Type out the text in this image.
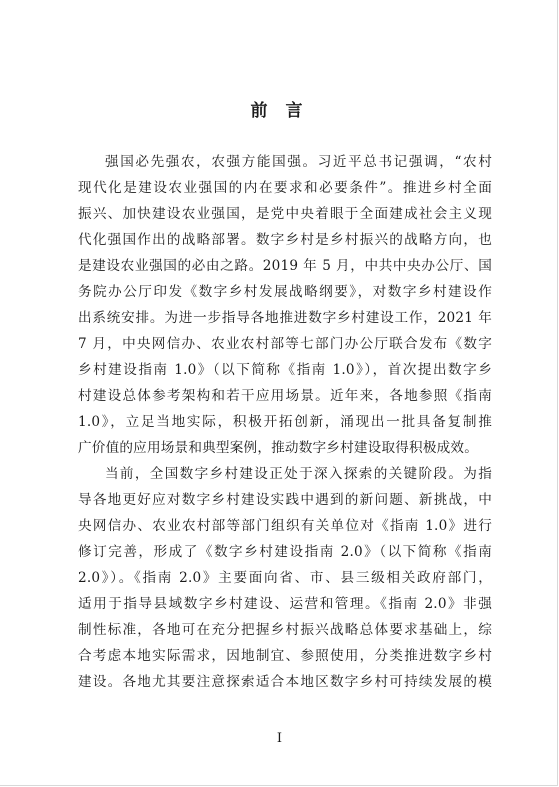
前 言

强国必先强农，农强方能国强。习近平总书记强调，“农村
现代化是建设农业强国的内在要求和必要条件”。推进乡村全面
振兴、加快建设农业强国，是党中央着眼于全面建成社会主义现
代化强国作出的战略部署。数字乡村是乡村振兴的战略方向，也
是建设农业强国的必由之路。2019 年 5 月，中共中央办公厅、国
务院办公厅印发《数字乡村发展战略纲要》，对数字乡村建设作
出系统安排。为进一步指导各地推进数字乡村建设工作，2021 年
7 月，中央网信办、农业农村部等七部门办公厅联合发布《数字
乡村建设指南 1.0》（以下简称《指南 1.0》），首次提出数字乡
村建设总体参考架构和若干应用场景。近年来，各地参照《指南
1.0》，立足当地实际，积极开拓创新，涌现出一批具备复制推
广价值的应用场景和典型案例，推动数字乡村建设取得积极成效。

当前，全国数字乡村建设正处于深入探索的关键阶段。为指
导各地更好应对数字乡村建设实践中遇到的新问题、新挑战，中
央网信办、农业农村部等部门组织有关单位对《指南 1.0》进行
修订完善，形成了《数字乡村建设指南 2.0》（以下简称《指南
2.0》）。《指南 2.0》主要面向省、市、县三级相关政府部门，
适用于指导县域数字乡村建设、运营和管理。《指南 2.0》非强
制性标准，各地可在充分把握乡村振兴战略总体要求基础上，综
合考虑本地实际需求，因地制宜、参照使用，分类推进数字乡村
建设。各地尤其要注意探索适合本地区数字乡村可持续发展的模

I
